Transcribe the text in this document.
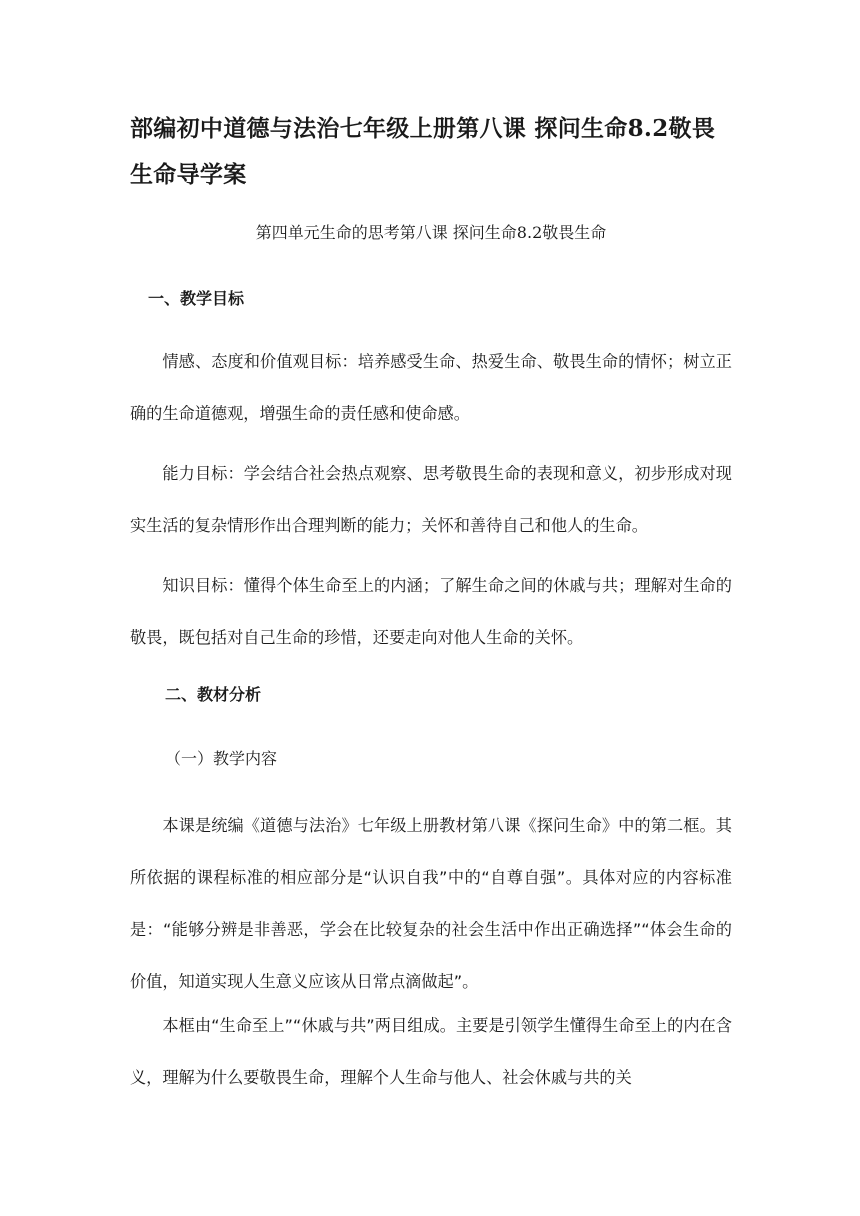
部编初中道德与法治七年级上册第八课 探问生命8.2敬畏生命导学案

第四单元生命的思考第八课 探问生命8.2敬畏生命

一、教学目标

情感、态度和价值观目标：培养感受生命、热爱生命、敬畏生命的情怀；树立正确的生命道德观，增强生命的责任感和使命感。

能力目标：学会结合社会热点观察、思考敬畏生命的表现和意义，初步形成对现实生活的复杂情形作出合理判断的能力；关怀和善待自己和他人的生命。

知识目标：懂得个体生命至上的内涵；了解生命之间的休戚与共；理解对生命的敬畏，既包括对自己生命的珍惜，还要走向对他人生命的关怀。

二、教材分析

（一）教学内容

本课是统编《道德与法治》七年级上册教材第八课《探问生命》中的第二框。其所依据的课程标准的相应部分是“认识自我”中的“自尊自强”。具体对应的内容标准是：“能够分辨是非善恶，学会在比较复杂的社会生活中作出正确选择”“体会生命的价值，知道实现人生意义应该从日常点滴做起”。

本框由“生命至上”“休戚与共”两目组成。主要是引领学生懂得生命至上的内在含义，理解为什么要敬畏生命，理解个人生命与他人、社会休戚与共的关
